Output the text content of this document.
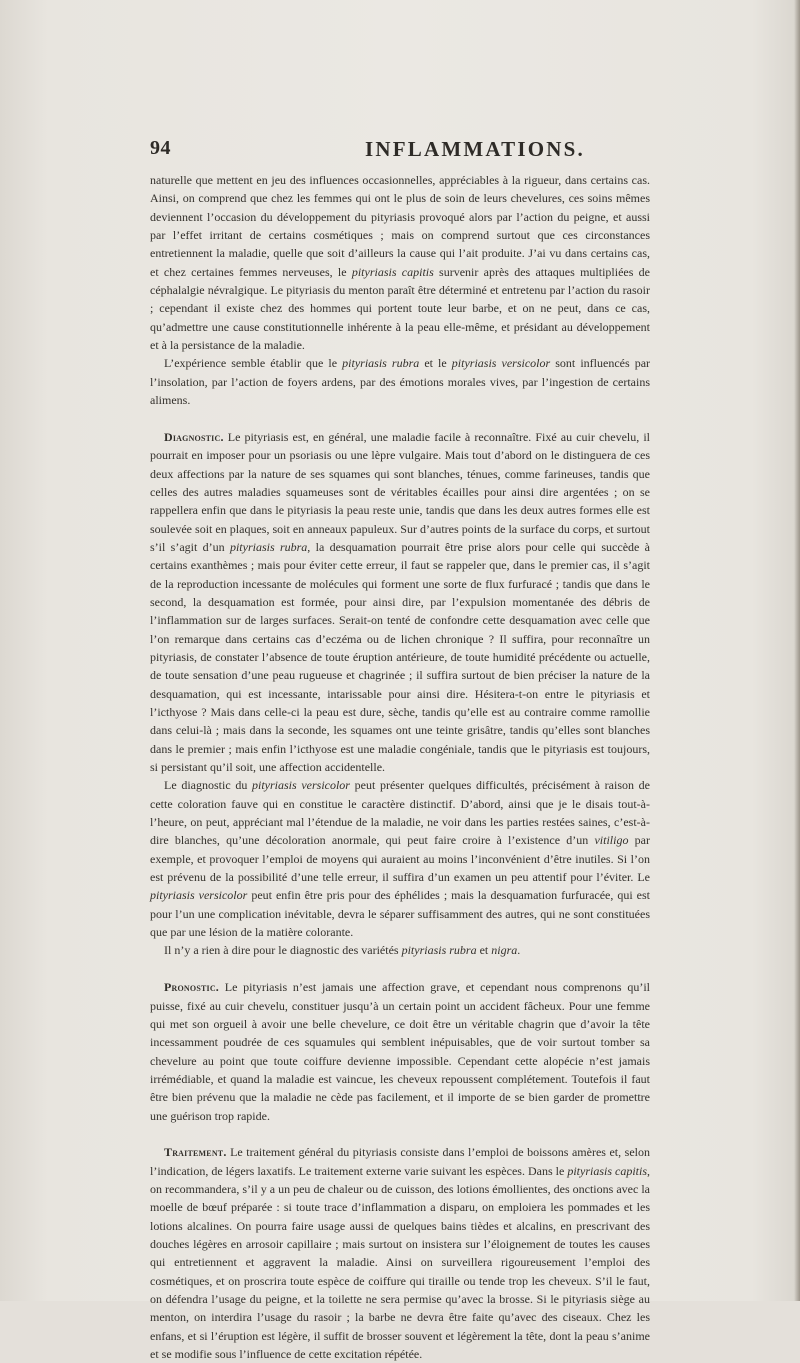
94	INFLAMMATIONS.

naturelle que mettent en jeu des influences occasionnelles, appréciables à la rigueur, dans certains cas. Ainsi, on comprend que chez les femmes qui ont le plus de soin de leurs chevelures, ces soins mêmes deviennent l’occasion du développement du pityriasis provoqué alors par l’action du peigne, et aussi par l’effet irritant de certains cosmétiques ; mais on comprend surtout que ces circonstances entretiennent la maladie, quelle que soit d’ailleurs la cause qui l’ait produite. J’ai vu dans certains cas, et chez certaines femmes nerveuses, le pityriasis capitis survenir après des attaques multipliées de céphalalgie névralgique. Le pityriasis du menton paraît être déterminé et entretenu par l’action du rasoir ; cependant il existe chez des hommes qui portent toute leur barbe, et on ne peut, dans ce cas, qu’admettre une cause constitutionnelle inhérente à la peau elle-même, et présidant au développement et à la persistance de la maladie.

L’expérience semble établir que le pityriasis rubra et le pityriasis versicolor sont influencés par l’insolation, par l’action de foyers ardens, par des émotions morales vives, par l’ingestion de certains alimens.

Diagnostic. Le pityriasis est, en général, une maladie facile à reconnaître. Fixé au cuir chevelu, il pourrait en imposer pour un psoriasis ou une lèpre vulgaire. Mais tout d’abord on le distinguera de ces deux affections par la nature de ses squames qui sont blanches, ténues, comme farineuses, tandis que celles des autres maladies squameuses sont de véritables écailles pour ainsi dire argentées ; on se rappellera enfin que dans le pityriasis la peau reste unie, tandis que dans les deux autres formes elle est soulevée soit en plaques, soit en anneaux papuleux. Sur d’autres points de la surface du corps, et surtout s’il s’agit d’un pityriasis rubra, la desquamation pourrait être prise alors pour celle qui succède à certains exanthèmes ; mais pour éviter cette erreur, il faut se rappeler que, dans le premier cas, il s’agit de la reproduction incessante de molécules qui forment une sorte de flux furfuracé ; tandis que dans le second, la desquamation est formée, pour ainsi dire, par l’expulsion momentanée des débris de l’inflammation sur de larges surfaces. Serait-on tenté de confondre cette desquamation avec celle que l’on remarque dans certains cas d’eczéma ou de lichen chronique ? Il suffira, pour reconnaître un pityriasis, de constater l’absence de toute éruption antérieure, de toute humidité précédente ou actuelle, de toute sensation d’une peau rugueuse et chagrinée ; il suffira surtout de bien préciser la nature de la desquamation, qui est incessante, intarissable pour ainsi dire. Hésitera-t-on entre le pityriasis et l’icthyose ? Mais dans celle-ci la peau est dure, sèche, tandis qu’elle est au contraire comme ramollie dans celui-là ; mais dans la seconde, les squames ont une teinte grisâtre, tandis qu’elles sont blanches dans le premier ; mais enfin l’icthyose est une maladie congéniale, tandis que le pityriasis est toujours, si persistant qu’il soit, une affection accidentelle.

Le diagnostic du pityriasis versicolor peut présenter quelques difficultés, précisément à raison de cette coloration fauve qui en constitue le caractère distinctif. D’abord, ainsi que je le disais tout-à-l’heure, on peut, appréciant mal l’étendue de la maladie, ne voir dans les parties restées saines, c’est-à-dire blanches, qu’une décoloration anormale, qui peut faire croire à l’existence d’un vitiligo par exemple, et provoquer l’emploi de moyens qui auraient au moins l’inconvénient d’être inutiles. Si l’on est prévenu de la possibilité d’une telle erreur, il suffira d’un examen un peu attentif pour l’éviter. Le pityriasis versicolor peut enfin être pris pour des éphélides ; mais la desquamation furfuracée, qui est pour l’un une complication inévitable, devra le séparer suffisamment des autres, qui ne sont constituées que par une lésion de la matière colorante.

Il n’y a rien à dire pour le diagnostic des variétés pityriasis rubra et nigra.

Pronostic. Le pityriasis n’est jamais une affection grave, et cependant nous comprenons qu’il puisse, fixé au cuir chevelu, constituer jusqu’à un certain point un accident fâcheux. Pour une femme qui met son orgueil à avoir une belle chevelure, ce doit être un véritable chagrin que d’avoir la tête incessamment poudrée de ces squamules qui semblent inépuisables, que de voir surtout tomber sa chevelure au point que toute coiffure devienne impossible. Cependant cette alopécie n’est jamais irrémédiable, et quand la maladie est vaincue, les cheveux repoussent complétement. Toutefois il faut être bien prévenu que la maladie ne cède pas facilement, et il importe de se bien garder de promettre une guérison trop rapide.

Traitement. Le traitement général du pityriasis consiste dans l’emploi de boissons amères et, selon l’indication, de légers laxatifs. Le traitement externe varie suivant les espèces. Dans le pityriasis capitis, on recommandera, s’il y a un peu de chaleur ou de cuisson, des lotions émollientes, des onctions avec la moelle de bœuf préparée : si toute trace d’inflammation a disparu, on emploiera les pommades et les lotions alcalines. On pourra faire usage aussi de quelques bains tièdes et alcalins, en prescrivant des douches légères en arrosoir capillaire ; mais surtout on insistera sur l’éloignement de toutes les causes qui entretiennent et aggravent la maladie. Ainsi on surveillera rigoureusement l’emploi des cosmétiques, et on proscrira toute espèce de coiffure qui tiraille ou tende trop les cheveux. S’il le faut, on défendra l’usage du peigne, et la toilette ne sera permise qu’avec la brosse. Si le pityriasis siège au menton, on interdira l’usage du rasoir ; la barbe ne devra être faite qu’avec des ciseaux. Chez les enfans, et si l’éruption est légère, il suffit de brosser souvent et légèrement la tête, dont la peau s’anime et se modifie sous l’influence de cette excitation répétée.
